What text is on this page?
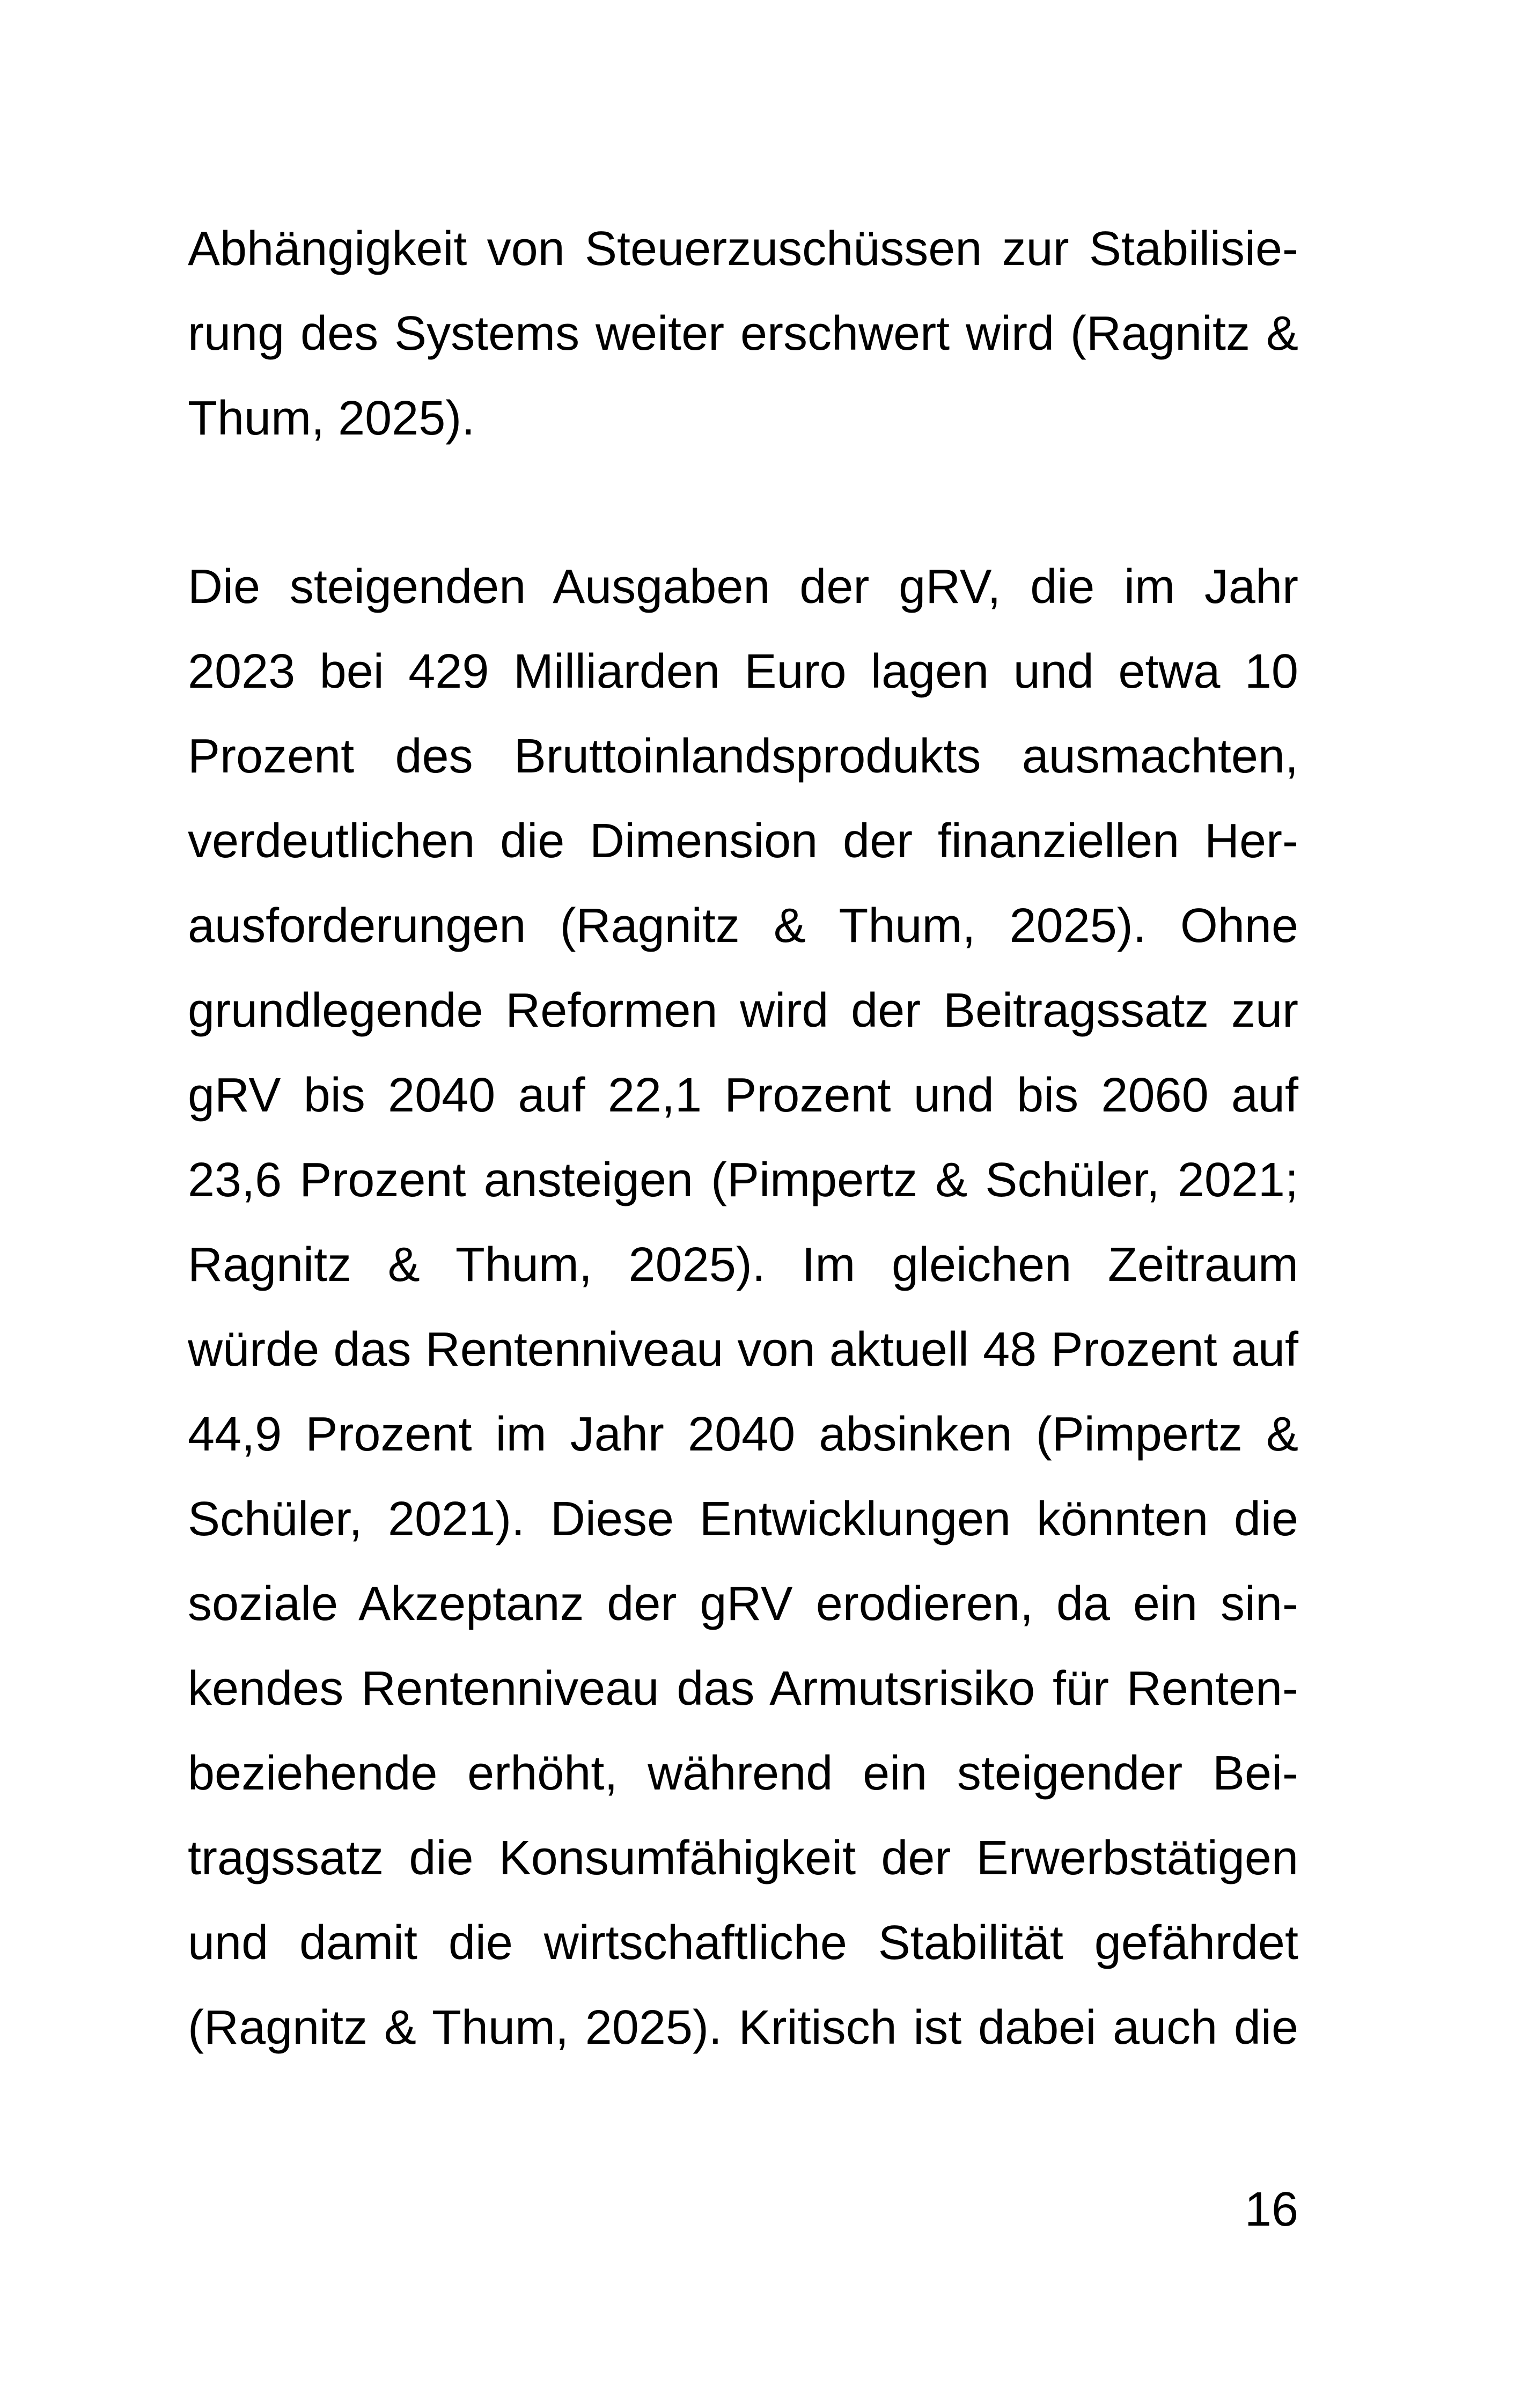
Abhängigkeit von Steuerzuschüssen zur Stabilisie-
rung des Systems weiter erschwert wird (Ragnitz &
Thum, 2025).
Die steigenden Ausgaben der gRV, die im Jahr
2023 bei 429 Milliarden Euro lagen und etwa 10
Prozent des Bruttoinlandsprodukts ausmachten,
verdeutlichen die Dimension der finanziellen Her-
ausforderungen (Ragnitz & Thum, 2025). Ohne
grundlegende Reformen wird der Beitragssatz zur
gRV bis 2040 auf 22,1 Prozent und bis 2060 auf
23,6 Prozent ansteigen (Pimpertz & Schüler, 2021;
Ragnitz & Thum, 2025). Im gleichen Zeitraum
würde das Rentenniveau von aktuell 48 Prozent auf
44,9 Prozent im Jahr 2040 absinken (Pimpertz &
Schüler, 2021). Diese Entwicklungen könnten die
soziale Akzeptanz der gRV erodieren, da ein sin-
kendes Rentenniveau das Armutsrisiko für Renten-
beziehende erhöht, während ein steigender Bei-
tragssatz die Konsumfähigkeit der Erwerbstätigen
und damit die wirtschaftliche Stabilität gefährdet
(Ragnitz & Thum, 2025). Kritisch ist dabei auch die
16
